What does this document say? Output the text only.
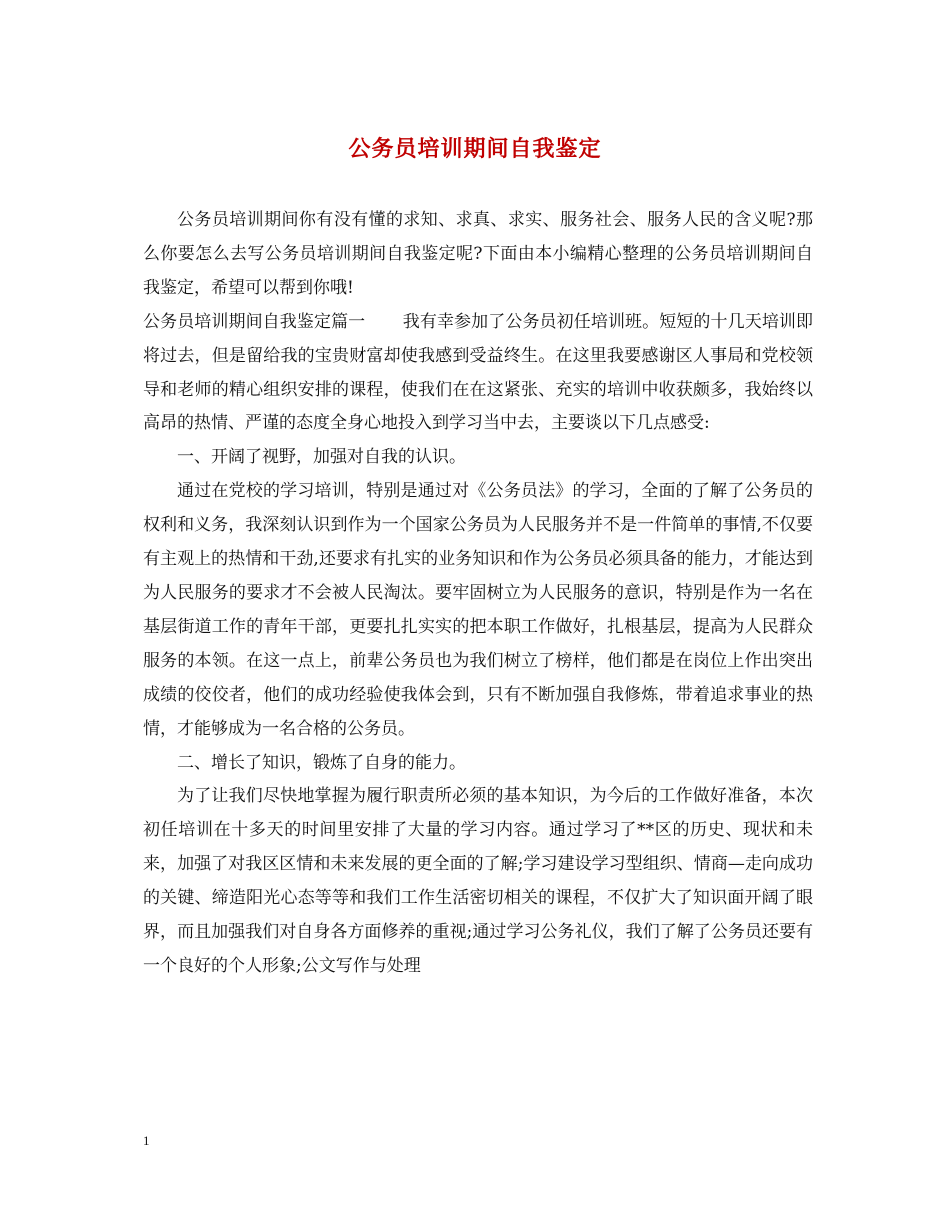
公务员培训期间自我鉴定

公务员培训期间你有没有懂的求知、求真、求实、服务社会、服务人民的含义呢?那么你要怎么去写公务员培训期间自我鉴定呢?下面由本小编精心整理的公务员培训期间自我鉴定，希望可以帮到你哦!

公务员培训期间自我鉴定篇一 我有幸参加了公务员初任培训班。短短的十几天培训即将过去，但是留给我的宝贵财富却使我感到受益终生。在这里我要感谢区人事局和党校领导和老师的精心组织安排的课程，使我们在在这紧张、充实的培训中收获颇多，我始终以高昂的热情、严谨的态度全身心地投入到学习当中去，主要谈以下几点感受:

一、开阔了视野，加强对自我的认识。

通过在党校的学习培训，特别是通过对《公务员法》的学习，全面的了解了公务员的权利和义务，我深刻认识到作为一个国家公务员为人民服务并不是一件简单的事情,不仅要有主观上的热情和干劲,还要求有扎实的业务知识和作为公务员必须具备的能力，才能达到为人民服务的要求才不会被人民淘汰。要牢固树立为人民服务的意识，特别是作为一名在基层街道工作的青年干部，更要扎扎实实的把本职工作做好，扎根基层，提高为人民群众服务的本领。在这一点上，前辈公务员也为我们树立了榜样，他们都是在岗位上作出突出成绩的佼佼者，他们的成功经验使我体会到，只有不断加强自我修炼，带着追求事业的热情，才能够成为一名合格的公务员。

二、增长了知识，锻炼了自身的能力。

为了让我们尽快地掌握为履行职责所必须的基本知识，为今后的工作做好准备，本次初任培训在十多天的时间里安排了大量的学习内容。通过学习了**区的历史、现状和未来，加强了对我区区情和未来发展的更全面的了解;学习建设学习型组织、情商—走向成功的关键、缔造阳光心态等等和我们工作生活密切相关的课程，不仅扩大了知识面开阔了眼界，而且加强我们对自身各方面修养的重视;通过学习公务礼仪，我们了解了公务员还要有一个良好的个人形象;公文写作与处理

1
